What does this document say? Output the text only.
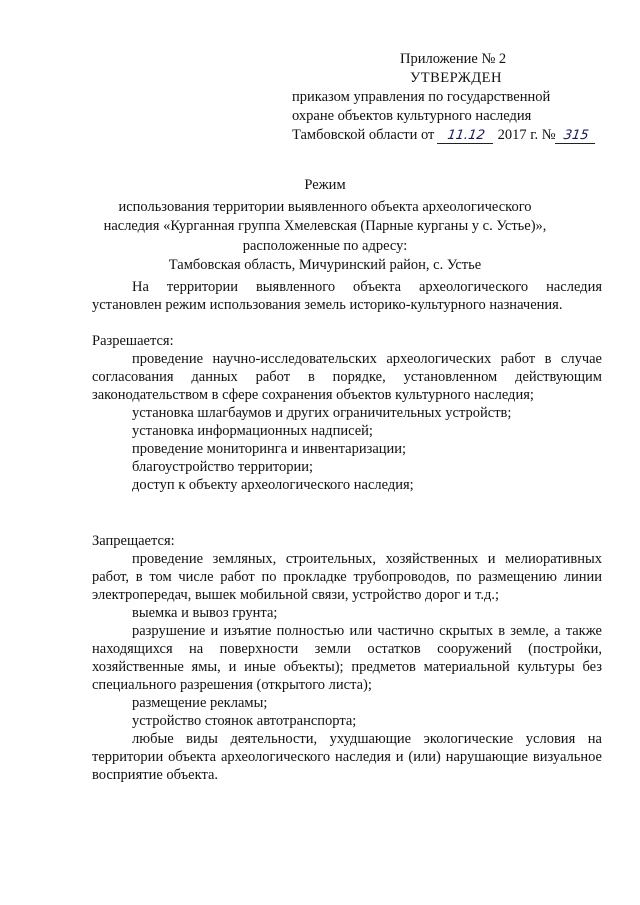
Приложение № 2
УТВЕРЖДЕН
приказом управления по государственной
охране объектов культурного наследия
Тамбовской области от 11.12 2017 г. № 315
Режим
использования территории выявленного объекта археологического
наследия «Курганная группа Хмелевская (Парные курганы у с. Устье)»,
расположенные по адресу:
Тамбовская область, Мичуринский район, с. Устье

На территории выявленного объекта археологического наследия установлен режим использования земель историко-культурного назначения.

Разрешается:

проведение научно-исследовательских археологических работ в случае согласования данных работ в порядке, установленном действующим законодательством в сфере сохранения объектов культурного наследия;

установка шлагбаумов и других ограничительных устройств;

установка информационных надписей;

проведение мониторинга и инвентаризации;

благоустройство территории;

доступ к объекту археологического наследия;

Запрещается:

проведение земляных, строительных, хозяйственных и мелиоративных работ, в том числе работ по прокладке трубопроводов, по размещению линии электропередач, вышек мобильной связи, устройство дорог и т.д.;

выемка и вывоз грунта;

разрушение и изъятие полностью или частично скрытых в земле, а также находящихся на поверхности земли остатков сооружений (постройки, хозяйственные ямы, и иные объекты); предметов материальной культуры без специального разрешения (открытого листа);

размещение рекламы;

устройство стоянок автотранспорта;

любые виды деятельности, ухудшающие экологические условия на территории объекта археологического наследия и (или) нарушающие визуальное восприятие объекта.
